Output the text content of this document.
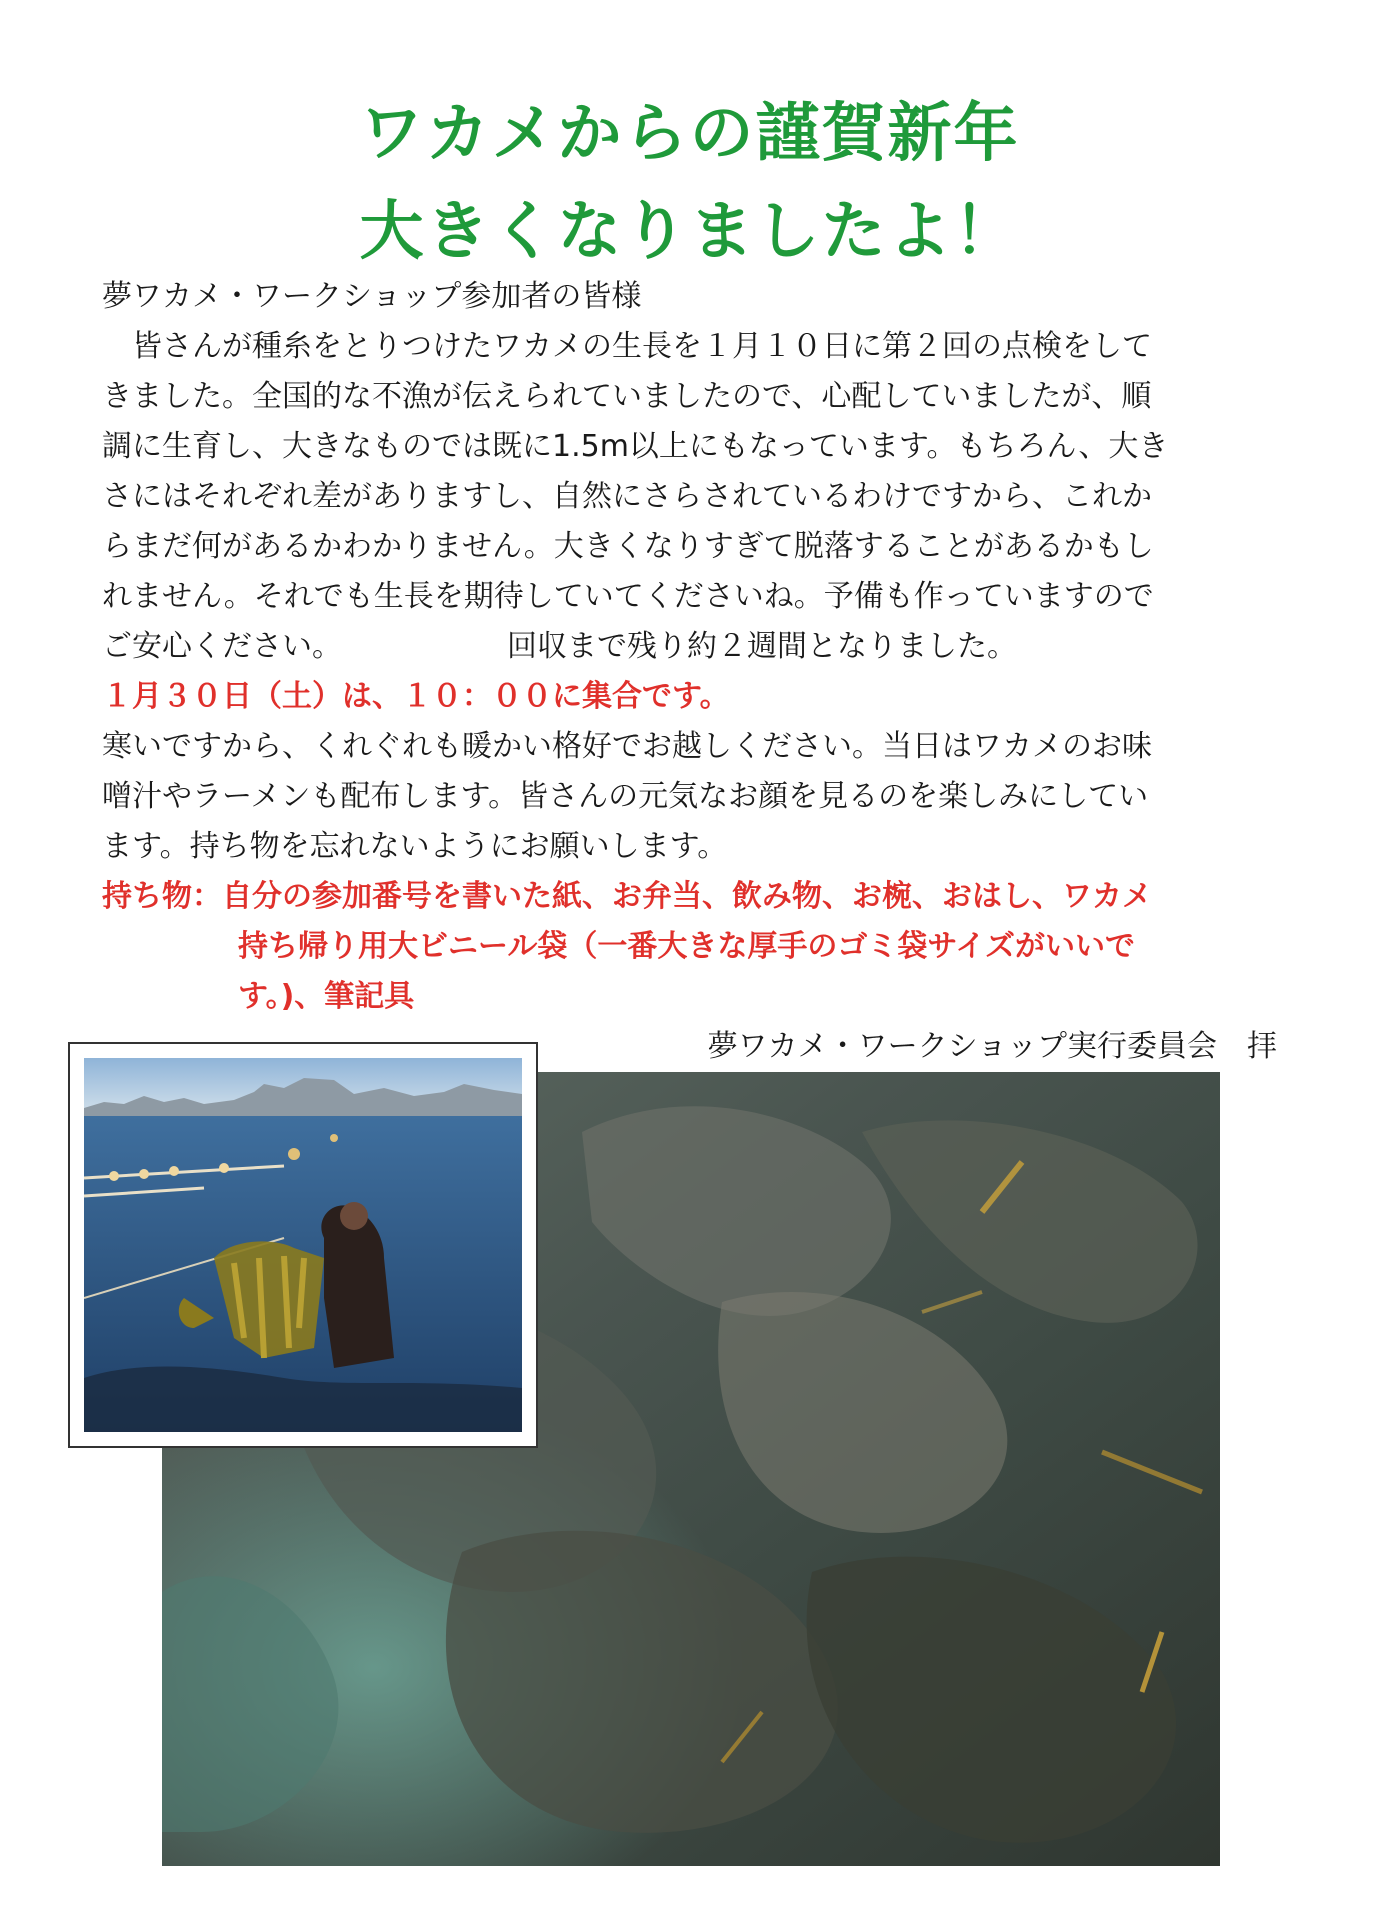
ワカメからの謹賀新年
大きくなりましたよ！
夢ワカメ・ワークショップ参加者の皆様
　皆さんが種糸をとりつけたワカメの生長を１月１０日に第２回の点検をして
きました。全国的な不漁が伝えられていましたので、心配していましたが、順
調に生育し、大きなものでは既に1.5m以上にもなっています。もちろん、大き
さにはそれぞれ差がありますし、自然にさらされているわけですから、これか
らまだ何があるかわかりません。大きくなりすぎて脱落することがあるかもし
れません。それでも生長を期待していてくださいね。予備も作っていますので
ご安心ください。　　　　　　回収まで残り約２週間となりました。
１月３０日（土）は、１０：００に集合です。
寒いですから、くれぐれも暖かい格好でお越しください。当日はワカメのお味
噌汁やラーメンも配布します。皆さんの元気なお顔を見るのを楽しみにしてい
ます。持ち物を忘れないようにお願いします。
持ち物：自分の参加番号を書いた紙、お弁当、飲み物、お椀、おはし、ワカメ
持ち帰り用大ビニール袋（一番大きな厚手のゴミ袋サイズがいいで
す。)、筆記具
夢ワカメ・ワークショップ実行委員会　拝
